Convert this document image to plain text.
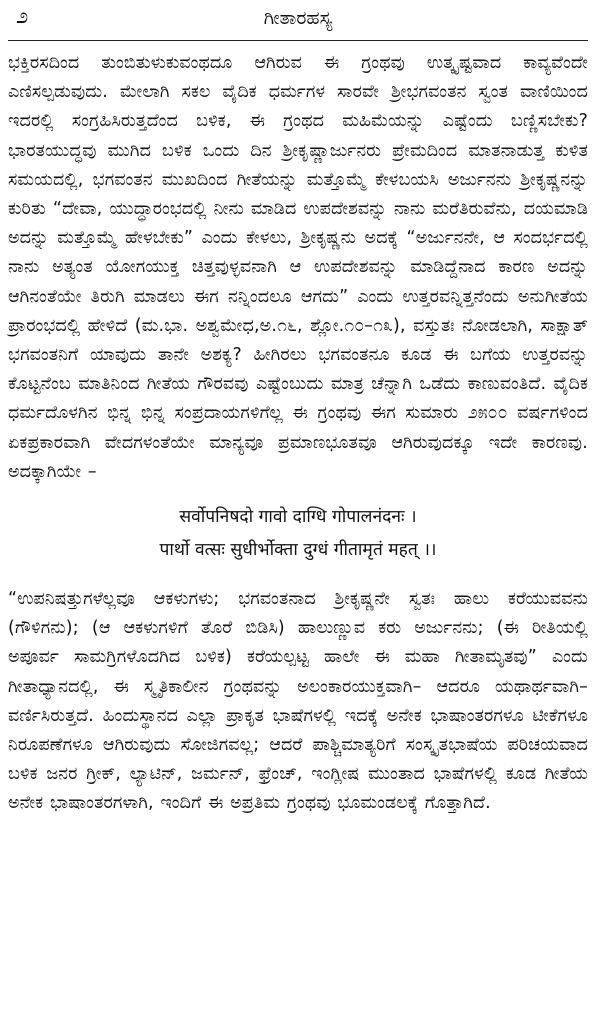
೨	ಗೀತಾರಹಸ್ಯ

ಭಕ್ತಿರಸದಿಂದ ತುಂಬಿತುಳುಕುವಂಥದೂ ಆಗಿರುವ ಈ ಗ್ರಂಥವು ಉತ್ಕೃಷ್ಟವಾದ ಕಾವ್ಯವೆಂದೇ ಎಣಿಸಲ್ಪಡುವುದು. ಮೇಲಾಗಿ ಸಕಲ ವೈದಿಕ ಧರ್ಮಗಳ ಸಾರವೇ ಶ್ರೀಭಗವಂತನ ಸ್ವಂತ ವಾಣಿಯಿಂದ ಇದರಲ್ಲಿ ಸಂಗ್ರಹಿಸಿರುತ್ತದೆಂದ ಬಳಿಕ, ಈ ಗ್ರಂಥದ ಮಹಿಮೆಯನ್ನು ಎಷ್ಟೆಂದು ಬಣ್ಣಿಸಬೇಕು? ಭಾರತಯುದ್ಧವು ಮುಗಿದ ಬಳಿಕ ಒಂದು ದಿನ ಶ್ರೀಕೃಷ್ಣಾರ್ಜುನರು ಪ್ರೇಮದಿಂದ ಮಾತನಾಡುತ್ತ ಕುಳಿತ ಸಮಯದಲ್ಲಿ, ಭಗವಂತನ ಮುಖದಿಂದ ಗೀತೆಯನ್ನು ಮತ್ತೊಮ್ಮೆ ಕೇಳಬಯಸಿ ಅರ್ಜುನನು ಶ್ರೀಕೃಷ್ಣನನ್ನು ಕುರಿತು “ದೇವಾ, ಯುದ್ಧಾರಂಭದಲ್ಲಿ ನೀನು ಮಾಡಿದ ಉಪದೇಶವನ್ನು ನಾನು ಮರೆತಿರುವೆನು, ದಯಮಾಡಿ ಅದನ್ನು ಮತ್ತೊಮ್ಮೆ ಹೇಳಬೇಕು” ಎಂದು ಕೇಳಲು, ಶ್ರೀಕೃಷ್ಣನು ಅದಕ್ಕೆ “ಅರ್ಜುನನೇ, ಆ ಸಂದರ್ಭದಲ್ಲಿ ನಾನು ಅತ್ಯಂತ ಯೋಗಯುಕ್ತ ಚಿತ್ತವುಳ್ಳವನಾಗಿ ಆ ಉಪದೇಶವನ್ನು ಮಾಡಿದ್ದೆನಾದ ಕಾರಣ ಅದನ್ನು ಆಗಿನಂತೆಯೇ ತಿರುಗಿ ಮಾಡಲು ಈಗ ನನ್ನಿಂದಲೂ ಆಗದು” ಎಂದು ಉತ್ತರವನ್ನಿತ್ತನೆಂದು ಅನುಗೀತೆಯ ಪ್ರಾರಂಭದಲ್ಲಿ ಹೇಳಿದೆ (ಮ.ಭಾ. ಅಶ್ವಮೇಧ,ಅ.೧೬, ಶ್ಲೋ.೧೦–೧೩), ವಸ್ತುತಃ ನೋಡಲಾಗಿ, ಸಾಕ್ಷಾತ್ ಭಗವಂತನಿಗೆ ಯಾವುದು ತಾನೇ ಅಶಕ್ಯ? ಹೀಗಿರಲು ಭಗವಂತನೂ ಕೂಡ ಈ ಬಗೆಯ ಉತ್ತರವನ್ನು ಕೊಟ್ಟನೆಂಬ ಮಾತಿನಿಂದ ಗೀತೆಯ ಗೌರವವು ಎಷ್ಟೆಂಬುದು ಮಾತ್ರ ಚೆನ್ನಾಗಿ ಒಡೆದು ಕಾಣುವಂತಿದೆ. ವೈದಿಕ ಧರ್ಮದೊಳಗಿನ ಭಿನ್ನ ಭಿನ್ನ ಸಂಪ್ರದಾಯಗಳಿಗೆಲ್ಲ ಈ ಗ್ರಂಥವು ಈಗ ಸುಮಾರು ೨೫೦೦ ವರ್ಷಗಳಿಂದ ಏಕಪ್ರಕಾರವಾಗಿ ವೇದಗಳಂತೆಯೇ ಮಾನ್ಯವೂ ಪ್ರಮಾಣಭೂತವೂ ಆಗಿರುವುದಕ್ಕೂ ಇದೇ ಕಾರಣವು. ಅದಕ್ಕಾಗಿಯೇ –

सर्वोपनिषदो गावो दाग्धि गोपालनंदनः ।
पार्थो वत्सः सुधीर्भोक्ता दुग्धं गीतामृतं महत् ।।

“ಉಪನಿಷತ್ತುಗಳೆಲ್ಲವೂ ಆಕಳುಗಳು; ಭಗವಂತನಾದ ಶ್ರೀಕೃಷ್ಣನೇ ಸ್ವತಃ ಹಾಲು ಕರೆಯುವವನು (ಗೌಳಿಗನು); (ಆ ಆಕಳುಗಳಿಗೆ ತೊರೆ ಬಿಡಿಸಿ) ಹಾಲುಣ್ಣುವ ಕರು ಅರ್ಜುನನು; (ಈ ರೀತಿಯಲ್ಲಿ ಅಪೂರ್ವ ಸಾಮಗ್ರಿಗಳೊದಗಿದ ಬಳಿಕ) ಕರೆಯಲ್ಪಟ್ಟ ಹಾಲೇ ಈ ಮಹಾ ಗೀತಾಮೃತವು” ಎಂದು ಗೀತಾಧ್ಯಾನದಲ್ಲಿ, ಈ ಸ್ಮೃತಿಕಾಲೀನ ಗ್ರಂಥವನ್ನು ಅಲಂಕಾರಯುಕ್ತವಾಗಿ– ಆದರೂ ಯಥಾರ್ಥವಾಗಿ–ವರ್ಣಿಸಿರುತ್ತದೆ. ಹಿಂದುಸ್ಥಾನದ ಎಲ್ಲಾ ಪ್ರಾಕೃತ ಭಾಷೆಗಳಲ್ಲಿ ಇದಕ್ಕೆ ಅನೇಕ ಭಾಷಾಂತರಗಳೂ ಟೀಕೆಗಳೂ ನಿರೂಪಣೆಗಳೂ ಆಗಿರುವುದು ಸೋಜಿಗವಲ್ಲ; ಆದರೆ ಪಾಶ್ಚಿಮಾತ್ಯರಿಗೆ ಸಂಸ್ಕೃತಭಾಷೆಯ ಪರಿಚಯವಾದ ಬಳಿಕ ಜನರ ಗ್ರೀಕ್, ಲ್ಯಾಟಿನ್, ಜರ್ಮನ್, ಫ್ರೆಂಚ್, ಇಂಗ್ಲೀಷ ಮುಂತಾದ ಭಾಷೆಗಳಲ್ಲಿ ಕೂಡ ಗೀತೆಯ ಅನೇಕ ಭಾಷಾಂತರಗಳಾಗಿ, ಇಂದಿಗೆ ಈ ಅಪ್ರತಿಮ ಗ್ರಂಥವು ಭೂಮಂಡಲಕ್ಕೆ ಗೊತ್ತಾಗಿದೆ.
